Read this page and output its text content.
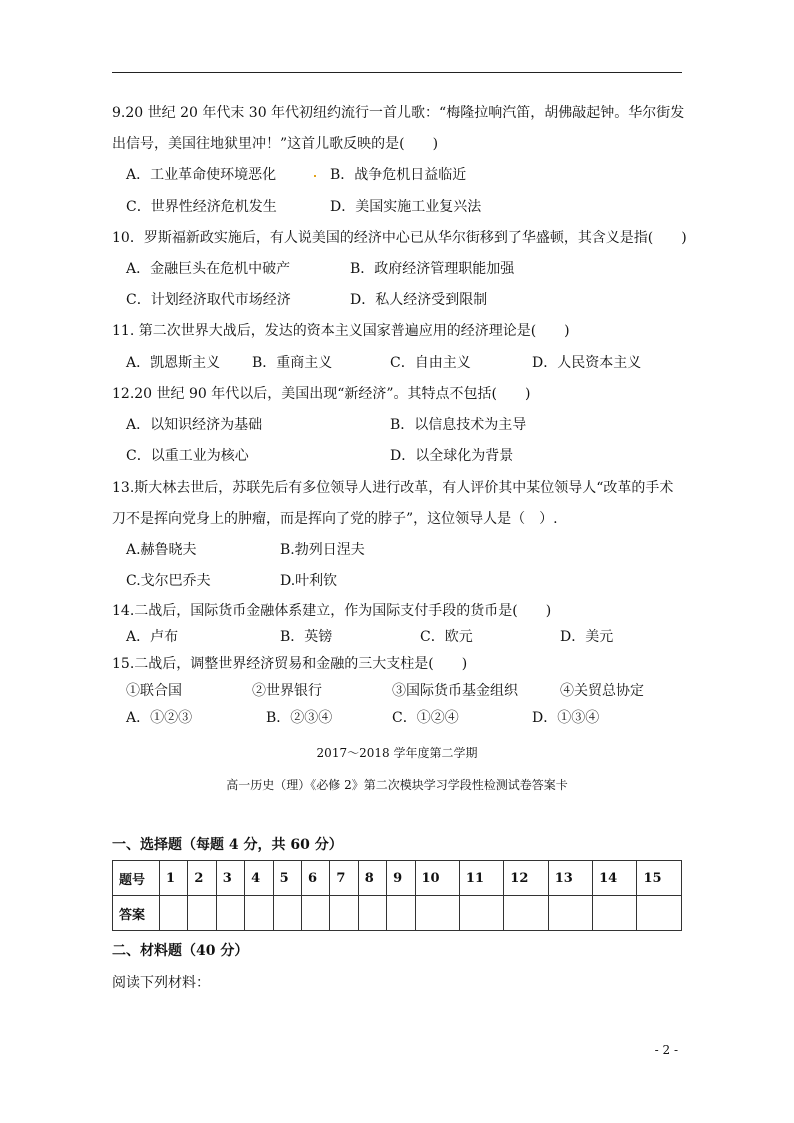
9.20 世纪 20 年代末 30 年代初纽约流行一首儿歌：“梅隆拉响汽笛，胡佛敲起钟。华尔街发
出信号，美国往地狱里冲！”这首儿歌反映的是(　　)
A．工业革命使环境恶化	B．战争危机日益临近
C．世界性经济危机发生	D．美国实施工业复兴法
10．罗斯福新政实施后，有人说美国的经济中心已从华尔街移到了华盛顿，其含义是指(　　)
A．金融巨头在危机中破产	B．政府经济管理职能加强
C．计划经济取代市场经济	D．私人经济受到限制
11. 第二次世界大战后，发达的资本主义国家普遍应用的经济理论是(　　)
A．凯恩斯主义 B．重商主义	C．自由主义	D．人民资本主义
12.20 世纪 90 年代以后，美国出现“新经济”。其特点不包括(　　)
A．以知识经济为基础	B．以信息技术为主导
C．以重工业为核心	D．以全球化为背景
13.斯大林去世后，苏联先后有多位领导人进行改革，有人评价其中某位领导人“改革的手术
刀不是挥向党身上的肿瘤，而是挥向了党的脖子”，这位领导人是（　）.
A.赫鲁晓夫	B.勃列日涅夫
C.戈尔巴乔夫	D.叶利钦
14.二战后，国际货币金融体系建立，作为国际支付手段的货币是(　　)
A．卢布	B．英镑	C．欧元	D．美元
15.二战后，调整世界经济贸易和金融的三大支柱是(　　)
①联合国	②世界银行	③国际货币基金组织	④关贸总协定
A．①②③	B．②③④	C．①②④	D．①③④
2017～2018 学年度第二学期
高一历史（理）《必修 2》第二次模块学习学段性检测试卷答案卡
一、选择题（每题 4 分，共 60 分）
题号	1	2	3	4	5	6	7	8	9	10	11	12	13	14	15
答案															
二、材料题（40 分）
阅读下列材料：
- 2 -
